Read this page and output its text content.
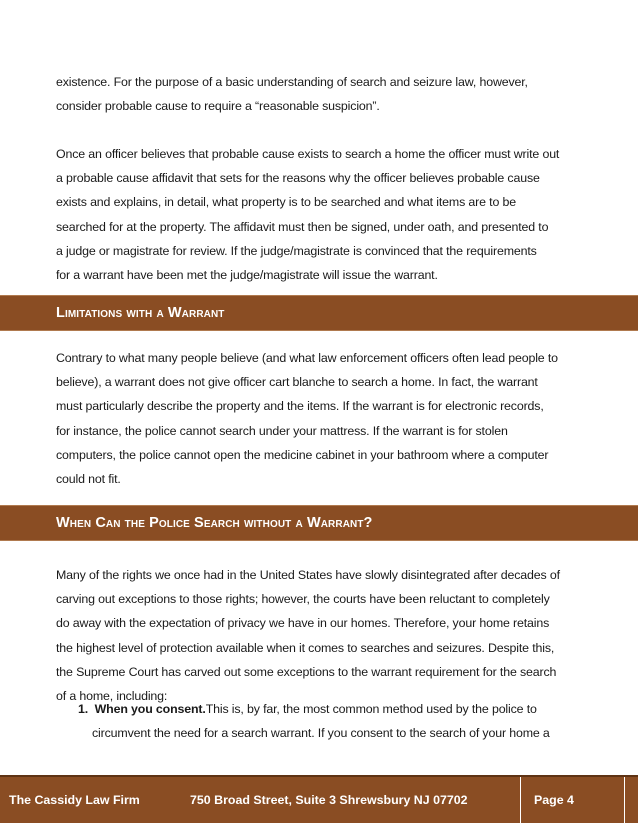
existence. For the purpose of a basic understanding of search and seizure law, however,
consider probable cause to require a “reasonable suspicion”.

Once an officer believes that probable cause exists to search a home the officer must write out
a probable cause affidavit that sets for the reasons why the officer believes probable cause
exists and explains, in detail, what property is to be searched and what items are to be
searched for at the property. The affidavit must then be signed, under oath, and presented to
a judge or magistrate for review. If the judge/magistrate is convinced that the requirements
for a warrant have been met the judge/magistrate will issue the warrant.

Limitations with a Warrant

Contrary to what many people believe (and what law enforcement officers often lead people to
believe), a warrant does not give officer cart blanche to search a home. In fact, the warrant
must particularly describe the property and the items. If the warrant is for electronic records,
for instance, the police cannot search under your mattress. If the warrant is for stolen
computers, the police cannot open the medicine cabinet in your bathroom where a computer
could not fit.

When Can the Police Search without a Warrant?

Many of the rights we once had in the United States have slowly disintegrated after decades of
carving out exceptions to those rights; however, the courts have been reluctant to completely
do away with the expectation of privacy we have in our homes. Therefore, your home retains
the highest level of protection available when it comes to searches and seizures. Despite this,
the Supreme Court has carved out some exceptions to the warrant requirement for the search
of a home, including:

1. When you consent.This is, by far, the most common method used by the police to
circumvent the need for a search warrant. If you consent to the search of your home a
The Cassidy Law Firm	750 Broad Street, Suite 3 Shrewsbury NJ 07702	Page 4
